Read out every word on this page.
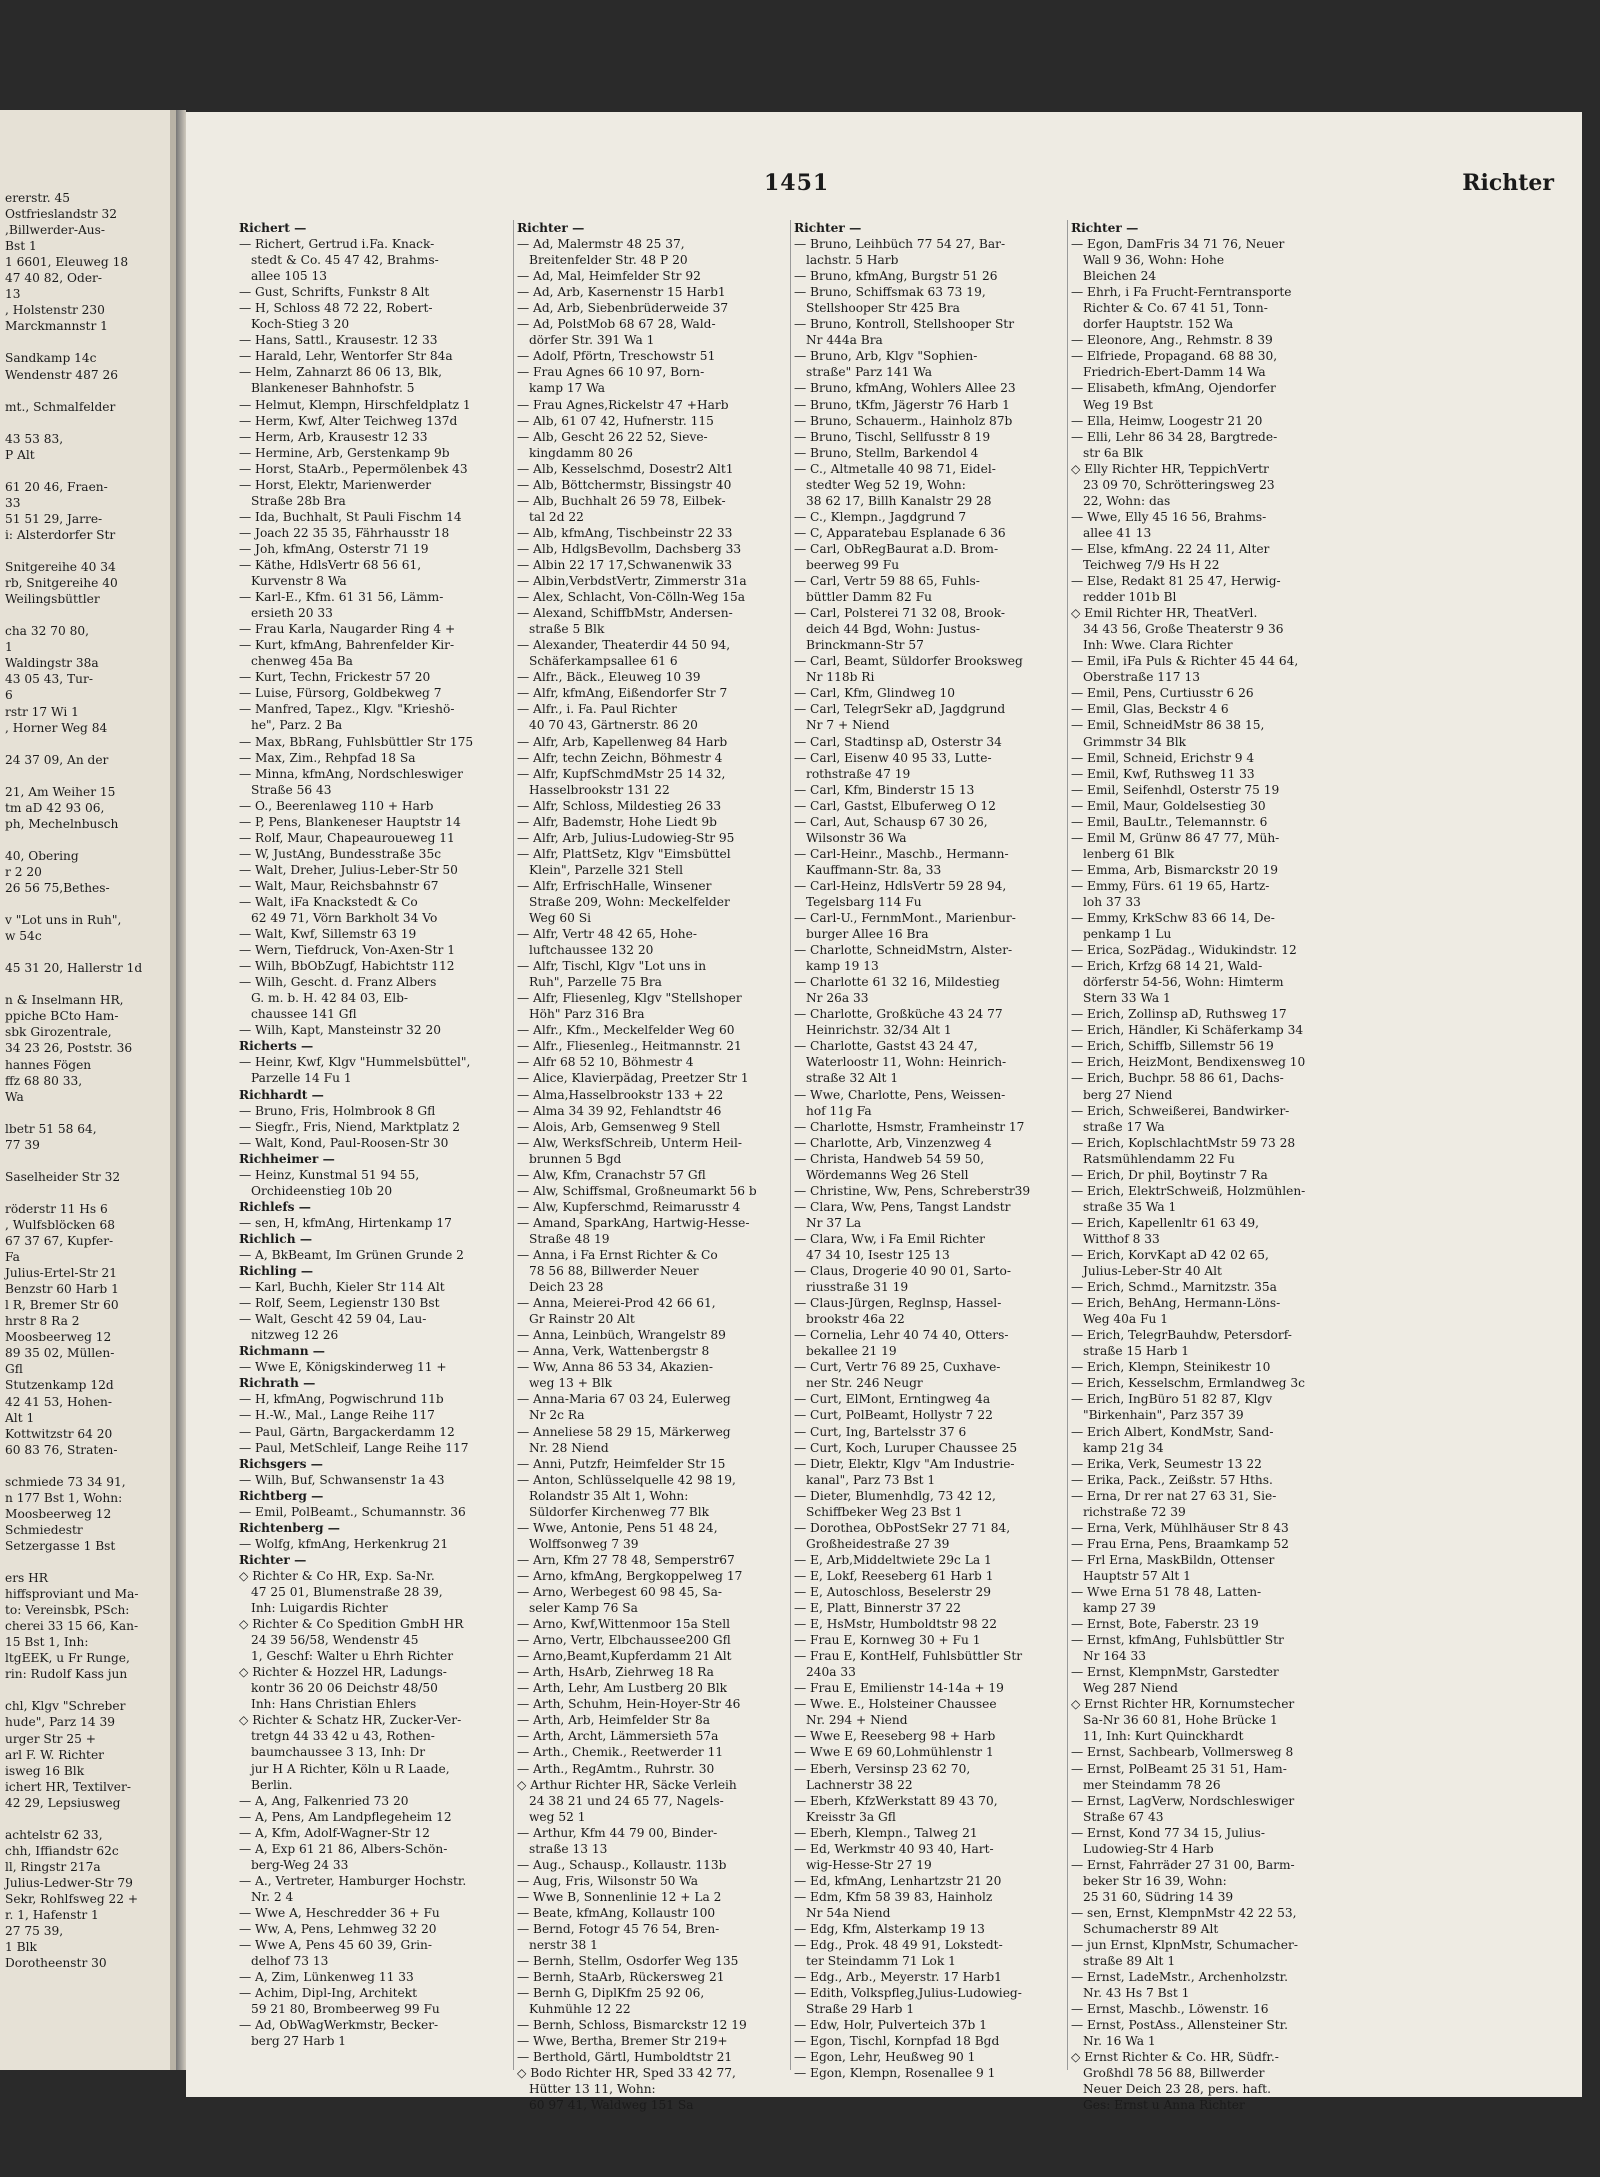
ererstr. 45
Ostfrieslandstr 32
,Billwerder-Aus-
Bst 1
1 6601, Eleuweg 18
47 40 82, Oder-
13
, Holstenstr 230
Marckmannstr 1

Sandkamp 14c
Wendenstr 487 26

mt., Schmalfelder

43 53 83,
P Alt

61 20 46, Fraen-
33
51 51 29, Jarre-
i: Alsterdorfer Str

Snitgereihe 40 34
rb, Snitgereihe 40
Weilingsbüttler

cha 32 70 80,
1
Waldingstr 38a
43 05 43, Tur-
6
rstr 17 Wi 1
, Horner Weg 84

24 37 09, An der

21, Am Weiher 15
tm aD 42 93 06,
ph, Mechelnbusch

40, Obering
r 2 20
26 56 75,Bethes-

v "Lot uns in Ruh",
w 54c

45 31 20, Hallerstr 1d

n & Inselmann HR,
ppiche BCto Ham-
sbk Girozentrale,
34 23 26, Poststr. 36
hannes Fögen
ffz 68 80 33,
Wa

lbetr 51 58 64,
77 39

Saselheider Str 32

röderstr 11 Hs 6
, Wulfsblöcken 68
67 37 67, Kupfer-
Fa
Julius-Ertel-Str 21
Benzstr 60 Harb 1
l R, Bremer Str 60
hrstr 8 Ra 2
Moosbeerweg 12
89 35 02, Müllen-
Gfl
Stutzenkamp 12d
42 41 53, Hohen-
Alt 1
Kottwitzstr 64 20
60 83 76, Straten-

schmiede 73 34 91,
n 177 Bst 1, Wohn:
Moosbeerweg 12
Schmiedestr
Setzergasse 1 Bst

ers HR
hiffsproviant und Ma-
to: Vereinsbk, PSch:
cherei 33 15 66, Kan-
15 Bst 1, Inh:
ltgEEK, u Fr Runge,
rin: Rudolf Kass jun

chl, Klgv "Schreber
hude", Parz 14 39
urger Str 25 +
arl F. W. Richter
isweg 16 Blk
ichert HR, Textilver-
42 29, Lepsiusweg

achtelstr 62 33,
chh, Iffiandstr 62c
ll, Ringstr 217a
Julius-Ledwer-Str 79
Sekr, Rohlfsweg 22 +
r. 1, Hafenstr 1
27 75 39,
1 Blk
Dorotheenstr 30
1451	Richter
Richert —
— Richert, Gertrud i.Fa. Knack-
stedt & Co. 45 47 42, Brahms-
allee 105 13
— Gust, Schrifts, Funkstr 8 Alt
— H, Schloss 48 72 22, Robert-
Koch-Stieg 3 20
— Hans, Sattl., Krausestr. 12 33
— Harald, Lehr, Wentorfer Str 84a
— Helm, Zahnarzt 86 06 13, Blk,
Blankeneser Bahnhofstr. 5
— Helmut, Klempn, Hirschfeldplatz 1
— Herm, Kwf, Alter Teichweg 137d
— Herm, Arb, Krausestr 12 33
— Hermine, Arb, Gerstenkamp 9b
— Horst, StaArb., Pepermölenbek 43
— Horst, Elektr, Marienwerder
Straße 28b Bra
— Ida, Buchhalt, St Pauli Fischm 14
— Joach 22 35 35, Fährhausstr 18
— Joh, kfmAng, Osterstr 71 19
— Käthe, HdlsVertr 68 56 61,
Kurvenstr 8 Wa
— Karl-E., Kfm. 61 31 56, Lämm-
ersieth 20 33
— Frau Karla, Naugarder Ring 4 +
— Kurt, kfmAng, Bahrenfelder Kir-
chenweg 45a Ba
— Kurt, Techn, Frickestr 57 20
— Luise, Fürsorg, Goldbekweg 7
— Manfred, Tapez., Klgv. "Krieshö-
he", Parz. 2 Ba
— Max, BbRang, Fuhlsbüttler Str 175
— Max, Zim., Rehpfad 18 Sa
— Minna, kfmAng, Nordschleswiger
Straße 56 43
— O., Beerenlaweg 110 + Harb
— P, Pens, Blankeneser Hauptstr 14
— Rolf, Maur, Chapeauroueweg 11
— W, JustAng, Bundesstraße 35c
— Walt, Dreher, Julius-Leber-Str 50
— Walt, Maur, Reichsbahnstr 67
— Walt, iFa Knackstedt & Co
62 49 71, Vörn Barkholt 34 Vo
— Walt, Kwf, Sillemstr 63 19
— Wern, Tiefdruck, Von-Axen-Str 1
— Wilh, BbObZugf, Habichtstr 112
— Wilh, Gescht. d. Franz Albers
G. m. b. H. 42 84 03, Elb-
chaussee 141 Gfl
— Wilh, Kapt, Mansteinstr 32 20
Richerts —
— Heinr, Kwf, Klgv "Hummelsbüttel",
Parzelle 14 Fu 1
Richhardt —
— Bruno, Fris, Holmbrook 8 Gfl
— Siegfr., Fris, Niend, Marktplatz 2
— Walt, Kond, Paul-Roosen-Str 30
Richheimer —
— Heinz, Kunstmal 51 94 55,
Orchideenstieg 10b 20
Richlefs —
— sen, H, kfmAng, Hirtenkamp 17
Richlich —
— A, BkBeamt, Im Grünen Grunde 2
Richling —
— Karl, Buchh, Kieler Str 114 Alt
— Rolf, Seem, Legienstr 130 Bst
— Walt, Gescht 42 59 04, Lau-
nitzweg 12 26
Richmann —
— Wwe E, Königskinderweg 11 +
Richrath —
— H, kfmAng, Pogwischrund 11b
— H.-W., Mal., Lange Reihe 117
— Paul, Gärtn, Bargackerdamm 12
— Paul, MetSchleif, Lange Reihe 117
Richsgers —
— Wilh, Buf, Schwansenstr 1a 43
Richtberg —
— Emil, PolBeamt., Schumannstr. 36
Richtenberg —
— Wolfg, kfmAng, Herkenkrug 21
Richter —
◇ Richter & Co HR, Exp. Sa-Nr.
47 25 01, Blumenstraße 28 39,
Inh: Luigardis Richter
◇ Richter & Co Spedition GmbH HR
24 39 56/58, Wendenstr 45
1, Geschf: Walter u Ehrh Richter
◇ Richter & Hozzel HR, Ladungs-
kontr 36 20 06 Deichstr 48/50
Inh: Hans Christian Ehlers
◇ Richter & Schatz HR, Zucker-Ver-
tretgn 44 33 42 u 43, Rothen-
baumchaussee 3 13, Inh: Dr
jur H A Richter, Köln u R Laade,
Berlin.
— A, Ang, Falkenried 73 20
— A, Pens, Am Landpflegeheim 12
— A, Kfm, Adolf-Wagner-Str 12
— A, Exp 61 21 86, Albers-Schön-
berg-Weg 24 33
— A., Vertreter, Hamburger Hochstr.
Nr. 2 4
— Wwe A, Heschredder 36 + Fu
— Ww, A, Pens, Lehmweg 32 20
— Wwe A, Pens 45 60 39, Grin-
delhof 73 13
— A, Zim, Lünkenweg 11 33
— Achim, Dipl-Ing, Architekt
59 21 80, Brombeerweg 99 Fu
— Ad, ObWagWerkmstr, Becker-
berg 27 Harb 1
Richter —
— Ad, Malermstr 48 25 37,
Breitenfelder Str. 48 P 20
— Ad, Mal, Heimfelder Str 92
— Ad, Arb, Kasernenstr 15 Harb1
— Ad, Arb, Siebenbrüderweide 37
— Ad, PolstMob 68 67 28, Wald-
dörfer Str. 391 Wa 1
— Adolf, Pförtn, Treschowstr 51
— Frau Agnes 66 10 97, Born-
kamp 17 Wa
— Frau Agnes,Rickelstr 47 +Harb
— Alb, 61 07 42, Hufnerstr. 115
— Alb, Gescht 26 22 52, Sieve-
kingdamm 80 26
— Alb, Kesselschmd, Dosestr2 Alt1
— Alb, Böttchermstr, Bissingstr 40
— Alb, Buchhalt 26 59 78, Eilbek-
tal 2d 22
— Alb, kfmAng, Tischbeinstr 22 33
— Alb, HdlgsBevollm, Dachsberg 33
— Albin 22 17 17,Schwanenwik 33
— Albin,VerbdstVertr, Zimmerstr 31a
— Alex, Schlacht, Von-Cölln-Weg 15a
— Alexand, SchiffbMstr, Andersen-
straße 5 Blk
— Alexander, Theaterdir 44 50 94,
Schäferkampsallee 61 6
— Alfr., Bäck., Eleuweg 10 39
— Alfr, kfmAng, Eißendorfer Str 7
— Alfr., i. Fa. Paul Richter
40 70 43, Gärtnerstr. 86 20
— Alfr, Arb, Kapellenweg 84 Harb
— Alfr, techn Zeichn, Böhmestr 4
— Alfr, KupfSchmdMstr 25 14 32,
Hasselbrookstr 131 22
— Alfr, Schloss, Mildestieg 26 33
— Alfr, Bademstr, Hohe Liedt 9b
— Alfr, Arb, Julius-Ludowieg-Str 95
— Alfr, PlattSetz, Klgv "Eimsbüttel
Klein", Parzelle 321 Stell
— Alfr, ErfrischHalle, Winsener
Straße 209, Wohn: Meckelfelder
Weg 60 Si
— Alfr, Vertr 48 42 65, Hohe-
luftchaussee 132 20
— Alfr, Tischl, Klgv "Lot uns in
Ruh", Parzelle 75 Bra
— Alfr, Fliesenleg, Klgv "Stellshoper
Höh" Parz 316 Bra
— Alfr., Kfm., Meckelfelder Weg 60
— Alfr., Fliesenleg., Heitmannstr. 21
— Alfr 68 52 10, Böhmestr 4
— Alice, Klavierpädag, Preetzer Str 1
— Alma,Hasselbrookstr 133 + 22
— Alma 34 39 92, Fehlandtstr 46
— Alois, Arb, Gemsenweg 9 Stell
— Alw, WerksfSchreib, Unterm Heil-
brunnen 5 Bgd
— Alw, Kfm, Cranachstr 57 Gfl
— Alw, Schiffsmal, Großneumarkt 56 b
— Alw, Kupferschmd, Reimarusstr 4
— Amand, SparkAng, Hartwig-Hesse-
Straße 48 19
— Anna, i Fa Ernst Richter & Co
78 56 88, Billwerder Neuer
Deich 23 28
— Anna, Meierei-Prod 42 66 61,
Gr Rainstr 20 Alt
— Anna, Leinbüch, Wrangelstr 89
— Anna, Verk, Wattenbergstr 8
— Ww, Anna 86 53 34, Akazien-
weg 13 + Blk
— Anna-Maria 67 03 24, Eulerweg
Nr 2c Ra
— Anneliese 58 29 15, Märkerweg
Nr. 28 Niend
— Anni, Putzfr, Heimfelder Str 15
— Anton, Schlüsselquelle 42 98 19,
Rolandstr 35 Alt 1, Wohn:
Süldorfer Kirchenweg 77 Blk
— Wwe, Antonie, Pens 51 48 24,
Wolffsonweg 7 39
— Arn, Kfm 27 78 48, Semperstr67
— Arno, kfmAng, Bergkoppelweg 17
— Arno, Werbegest 60 98 45, Sa-
seler Kamp 76 Sa
— Arno, Kwf,Wittenmoor 15a Stell
— Arno, Vertr, Elbchaussee200 Gfl
— Arno,Beamt,Kupferdamm 21 Alt
— Arth, HsArb, Ziehrweg 18 Ra
— Arth, Lehr, Am Lustberg 20 Blk
— Arth, Schuhm, Hein-Hoyer-Str 46
— Arth, Arb, Heimfelder Str 8a
— Arth, Archt, Lämmersieth 57a
— Arth., Chemik., Reetwerder 11
— Arth., RegAmtm., Ruhrstr. 30
◇ Arthur Richter HR, Säcke Verleih
24 38 21 und 24 65 77, Nagels-
weg 52 1
— Arthur, Kfm 44 79 00, Binder-
straße 13 13
— Aug., Schausp., Kollaustr. 113b
— Aug, Fris, Wilsonstr 50 Wa
— Wwe B, Sonnenlinie 12 + La 2
— Beate, kfmAng, Kollaustr 100
— Bernd, Fotogr 45 76 54, Bren-
nerstr 38 1
— Bernh, Stellm, Osdorfer Weg 135
— Bernh, StaArb, Rückersweg 21
— Bernh G, DiplKfm 25 92 06,
Kuhmühle 12 22
— Bernh, Schloss, Bismarckstr 12 19
— Wwe, Bertha, Bremer Str 219+
— Berthold, Gärtl, Humboldtstr 21
◇ Bodo Richter HR, Sped 33 42 77,
Hütter 13 11, Wohn:
60 97 41, Waldweg 151 Sa
Richter —
— Bruno, Leihbüch 77 54 27, Bar-
lachstr. 5 Harb
— Bruno, kfmAng, Burgstr 51 26
— Bruno, Schiffsmak 63 73 19,
Stellshooper Str 425 Bra
— Bruno, Kontroll, Stellshooper Str
Nr 444a Bra
— Bruno, Arb, Klgv "Sophien-
straße" Parz 141 Wa
— Bruno, kfmAng, Wohlers Allee 23
— Bruno, tKfm, Jägerstr 76 Harb 1
— Bruno, Schauerm., Hainholz 87b
— Bruno, Tischl, Sellfusstr 8 19
— Bruno, Stellm, Barkendol 4
— C., Altmetalle 40 98 71, Eidel-
stedter Weg 52 19, Wohn:
38 62 17, Billh Kanalstr 29 28
— C., Klempn., Jagdgrund 7
— C, Apparatebau Esplanade 6 36
— Carl, ObRegBaurat a.D. Brom-
beerweg 99 Fu
— Carl, Vertr 59 88 65, Fuhls-
büttler Damm 82 Fu
— Carl, Polsterei 71 32 08, Brook-
deich 44 Bgd, Wohn: Justus-
Brinckmann-Str 57
— Carl, Beamt, Süldorfer Brooksweg
Nr 118b Ri
— Carl, Kfm, Glindweg 10
— Carl, TelegrSekr aD, Jagdgrund
Nr 7 + Niend
— Carl, Stadtinsp aD, Osterstr 34
— Carl, Eisenw 40 95 33, Lutte-
rothstraße 47 19
— Carl, Kfm, Binderstr 15 13
— Carl, Gastst, Elbuferweg O 12
— Carl, Aut, Schausp 67 30 26,
Wilsonstr 36 Wa
— Carl-Heinr., Maschb., Hermann-
Kauffmann-Str. 8a, 33
— Carl-Heinz, HdlsVertr 59 28 94,
Tegelsbarg 114 Fu
— Carl-U., FernmMont., Marienbur-
burger Allee 16 Bra
— Charlotte, SchneidMstrn, Alster-
kamp 19 13
— Charlotte 61 32 16, Mildestieg
Nr 26a 33
— Charlotte, Großküche 43 24 77
Heinrichstr. 32/34 Alt 1
— Charlotte, Gastst 43 24 47,
Waterloostr 11, Wohn: Heinrich-
straße 32 Alt 1
— Wwe, Charlotte, Pens, Weissen-
hof 11g Fa
— Charlotte, Hsmstr, Framheinstr 17
— Charlotte, Arb, Vinzenzweg 4
— Christa, Handweb 54 59 50,
Wördemanns Weg 26 Stell
— Christine, Ww, Pens, Schreberstr39
— Clara, Ww, Pens, Tangst Landstr
Nr 37 La
— Clara, Ww, i Fa Emil Richter
47 34 10, Isestr 125 13
— Claus, Drogerie 40 90 01, Sarto-
riusstraße 31 19
— Claus-Jürgen, Reglnsp, Hassel-
brookstr 46a 22
— Cornelia, Lehr 40 74 40, Otters-
bekallee 21 19
— Curt, Vertr 76 89 25, Cuxhave-
ner Str. 246 Neugr
— Curt, ElMont, Erntingweg 4a
— Curt, PolBeamt, Hollystr 7 22
— Curt, Ing, Bartelsstr 37 6
— Curt, Koch, Luruper Chaussee 25
— Dietr, Elektr, Klgv "Am Industrie-
kanal", Parz 73 Bst 1
— Dieter, Blumenhdlg, 73 42 12,
Schiffbeker Weg 23 Bst 1
— Dorothea, ObPostSekr 27 71 84,
Großheidestraße 27 39
— E, Arb,Middeltwiete 29c La 1
— E, Lokf, Reeseberg 61 Harb 1
— E, Autoschloss, Beselerstr 29
— E, Platt, Binnerstr 37 22
— E, HsMstr, Humboldtstr 98 22
— Frau E, Kornweg 30 + Fu 1
— Frau E, KontHelf, Fuhlsbüttler Str
240a 33
— Frau E, Emilienstr 14-14a + 19
— Wwe. E., Holsteiner Chaussee
Nr. 294 + Niend
— Wwe E, Reeseberg 98 + Harb
— Wwe E 69 60,Lohmühlenstr 1
— Eberh, Versinsp 23 62 70,
Lachnerstr 38 22
— Eberh, KfzWerkstatt 89 43 70,
Kreisstr 3a Gfl
— Eberh, Klempn., Talweg 21
— Ed, Werkmstr 40 93 40, Hart-
wig-Hesse-Str 27 19
— Ed, kfmAng, Lenhartzstr 21 20
— Edm, Kfm 58 39 83, Hainholz
Nr 54a Niend
— Edg, Kfm, Alsterkamp 19 13
— Edg., Prok. 48 49 91, Lokstedt-
ter Steindamm 71 Lok 1
— Edg., Arb., Meyerstr. 17 Harb1
— Edith, Volkspfleg,Julius-Ludowieg-
Straße 29 Harb 1
— Edw, Holr, Pulverteich 37b 1
— Egon, Tischl, Kornpfad 18 Bgd
— Egon, Lehr, Heußweg 90 1
— Egon, Klempn, Rosenallee 9 1
Richter —
— Egon, DamFris 34 71 76, Neuer
Wall 9 36, Wohn: Hohe
Bleichen 24
— Ehrh, i Fa Frucht-Ferntransporte
Richter & Co. 67 41 51, Tonn-
dorfer Hauptstr. 152 Wa
— Eleonore, Ang., Rehmstr. 8 39
— Elfriede, Propagand. 68 88 30,
Friedrich-Ebert-Damm 14 Wa
— Elisabeth, kfmAng, Ojendorfer
Weg 19 Bst
— Ella, Heimw, Loogestr 21 20
— Elli, Lehr 86 34 28, Bargtrede-
str 6a Blk
◇ Elly Richter HR, TeppichVertr
23 09 70, Schrötteringsweg 23
22, Wohn: das
— Wwe, Elly 45 16 56, Brahms-
allee 41 13
— Else, kfmAng. 22 24 11, Alter
Teichweg 7/9 Hs H 22
— Else, Redakt 81 25 47, Herwig-
redder 101b Bl
◇ Emil Richter HR, TheatVerl.
34 43 56, Große Theaterstr 9 36
Inh: Wwe. Clara Richter
— Emil, iFa Puls & Richter 45 44 64,
Oberstraße 117 13
— Emil, Pens, Curtiusstr 6 26
— Emil, Glas, Beckstr 4 6
— Emil, SchneidMstr 86 38 15,
Grimmstr 34 Blk
— Emil, Schneid, Erichstr 9 4
— Emil, Kwf, Ruthsweg 11 33
— Emil, Seifenhdl, Osterstr 75 19
— Emil, Maur, Goldelsestieg 30
— Emil, BauLtr., Telemannstr. 6
— Emil M, Grünw 86 47 77, Müh-
lenberg 61 Blk
— Emma, Arb, Bismarckstr 20 19
— Emmy, Fürs. 61 19 65, Hartz-
loh 37 33
— Emmy, KrkSchw 83 66 14, De-
penkamp 1 Lu
— Erica, SozPädag., Widukindstr. 12
— Erich, Krfzg 68 14 21, Wald-
dörferstr 54-56, Wohn: Himterm
Stern 33 Wa 1
— Erich, Zollinsp aD, Ruthsweg 17
— Erich, Händler, Ki Schäferkamp 34
— Erich, Schiffb, Sillemstr 56 19
— Erich, HeizMont, Bendixensweg 10
— Erich, Buchpr. 58 86 61, Dachs-
berg 27 Niend
— Erich, Schweißerei, Bandwirker-
straße 17 Wa
— Erich, KoplschlachtMstr 59 73 28
Ratsmühlendamm 22 Fu
— Erich, Dr phil, Boytinstr 7 Ra
— Erich, ElektrSchweiß, Holzmühlen-
straße 35 Wa 1
— Erich, Kapellenltr 61 63 49,
Witthof 8 33
— Erich, KorvKapt aD 42 02 65,
Julius-Leber-Str 40 Alt
— Erich, Schmd., Marnitzstr. 35a
— Erich, BehAng, Hermann-Löns-
Weg 40a Fu 1
— Erich, TelegrBauhdw, Petersdorf-
straße 15 Harb 1
— Erich, Klempn, Steinikestr 10
— Erich, Kesselschm, Ermlandweg 3c
— Erich, IngBüro 51 82 87, Klgv
"Birkenhain", Parz 357 39
— Erich Albert, KondMstr, Sand-
kamp 21g 34
— Erika, Verk, Seumestr 13 22
— Erika, Pack., Zeißstr. 57 Hths.
— Erna, Dr rer nat 27 63 31, Sie-
richstraße 72 39
— Erna, Verk, Mühlhäuser Str 8 43
— Frau Erna, Pens, Braamkamp 52
— Frl Erna, MaskBildn, Ottenser
Hauptstr 57 Alt 1
— Wwe Erna 51 78 48, Latten-
kamp 27 39
— Ernst, Bote, Faberstr. 23 19
— Ernst, kfmAng, Fuhlsbüttler Str
Nr 164 33
— Ernst, KlempnMstr, Garstedter
Weg 287 Niend
◇ Ernst Richter HR, Kornumstecher
Sa-Nr 36 60 81, Hohe Brücke 1
11, Inh: Kurt Quinckhardt
— Ernst, Sachbearb, Vollmersweg 8
— Ernst, PolBeamt 25 31 51, Ham-
mer Steindamm 78 26
— Ernst, LagVerw, Nordschleswiger
Straße 67 43
— Ernst, Kond 77 34 15, Julius-
Ludowieg-Str 4 Harb
— Ernst, Fahrräder 27 31 00, Barm-
beker Str 16 39, Wohn:
25 31 60, Südring 14 39
— sen, Ernst, KlempnMstr 42 22 53,
Schumacherstr 89 Alt
— jun Ernst, KlpnMstr, Schumacher-
straße 89 Alt 1
— Ernst, LadeMstr., Archenholzstr.
Nr. 43 Hs 7 Bst 1
— Ernst, Maschb., Löwenstr. 16
— Ernst, PostAss., Allensteiner Str.
Nr. 16 Wa 1
◇ Ernst Richter & Co. HR, Südfr.-
Großhdl 78 56 88, Billwerder
Neuer Deich 23 28, pers. haft.
Ges: Ernst u Anna Richter
